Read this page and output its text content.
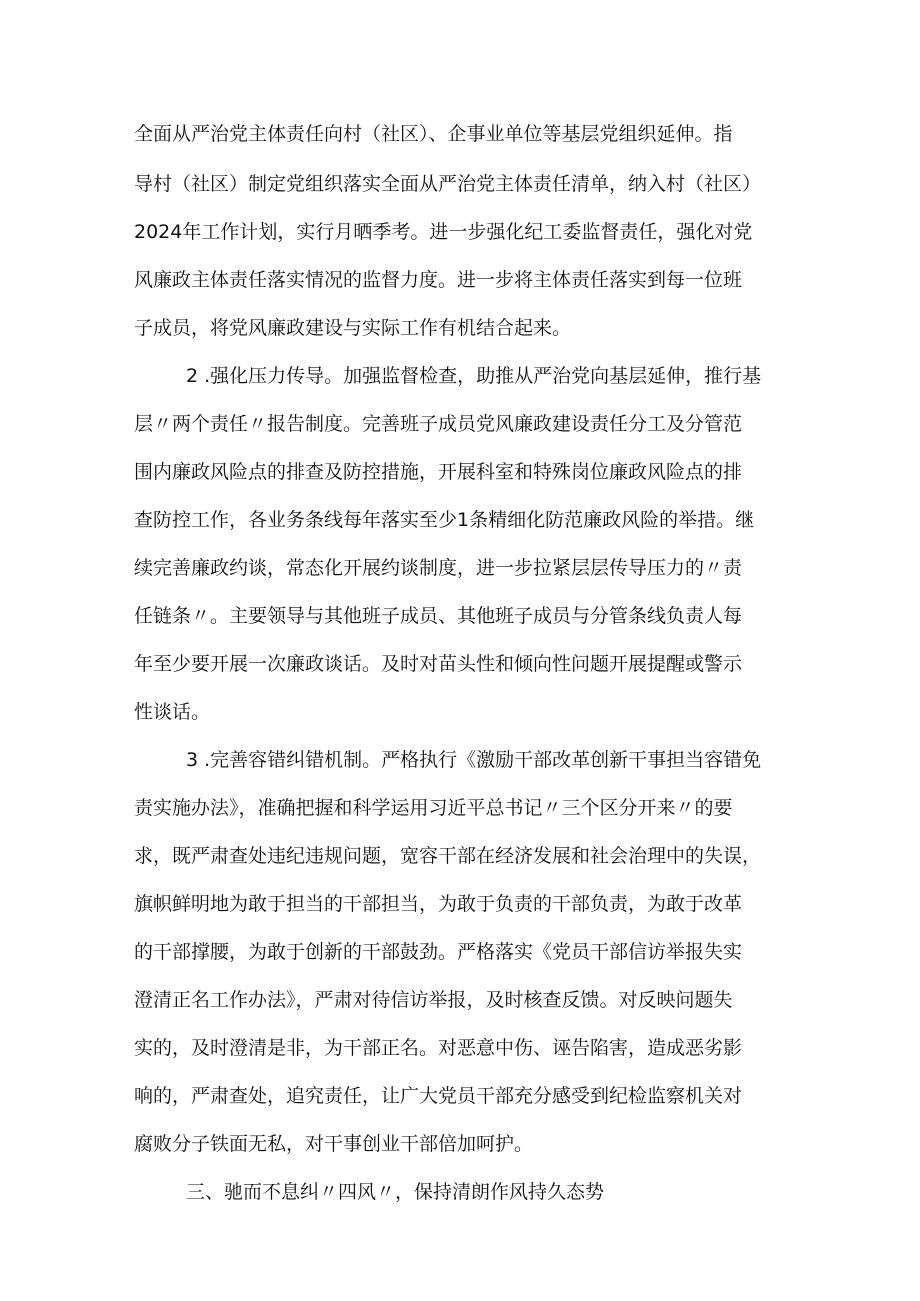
全面从严治党主体责任向村（社区）、企事业单位等基层党组织延伸。指
导村（社区）制定党组织落实全面从严治党主体责任清单，纳入村（社区）
2024年工作计划，实行月晒季考。进一步强化纪工委监督责任，强化对党
风廉政主体责任落实情况的监督力度。进一步将主体责任落实到每一位班
子成员，将党风廉政建设与实际工作有机结合起来。
2 .强化压力传导。加强监督检查，助推从严治党向基层延伸，推行基
层〃两个责任〃报告制度。完善班子成员党风廉政建设责任分工及分管范
围内廉政风险点的排查及防控措施，开展科室和特殊岗位廉政风险点的排
查防控工作，各业务条线每年落实至少1条精细化防范廉政风险的举措。继
续完善廉政约谈，常态化开展约谈制度，进一步拉紧层层传导压力的〃责
任链条〃。主要领导与其他班子成员、其他班子成员与分管条线负责人每
年至少要开展一次廉政谈话。及时对苗头性和倾向性问题开展提醒或警示
性谈话。
3 .完善容错纠错机制。严格执行《激励干部改革创新干事担当容错免
责实施办法》，准确把握和科学运用习近平总书记〃三个区分开来〃的要
求，既严肃查处违纪违规问题，宽容干部在经济发展和社会治理中的失误，
旗帜鲜明地为敢于担当的干部担当，为敢于负责的干部负责，为敢于改革
的干部撑腰，为敢于创新的干部鼓劲。严格落实《党员干部信访举报失实
澄清正名工作办法》，严肃对待信访举报，及时核查反馈。对反映问题失
实的，及时澄清是非，为干部正名。对恶意中伤、诬告陷害，造成恶劣影
响的，严肃查处，追究责任，让广大党员干部充分感受到纪检监察机关对
腐败分子铁面无私，对干事创业干部倍加呵护。
三、驰而不息纠〃四风〃，保持清朗作风持久态势
